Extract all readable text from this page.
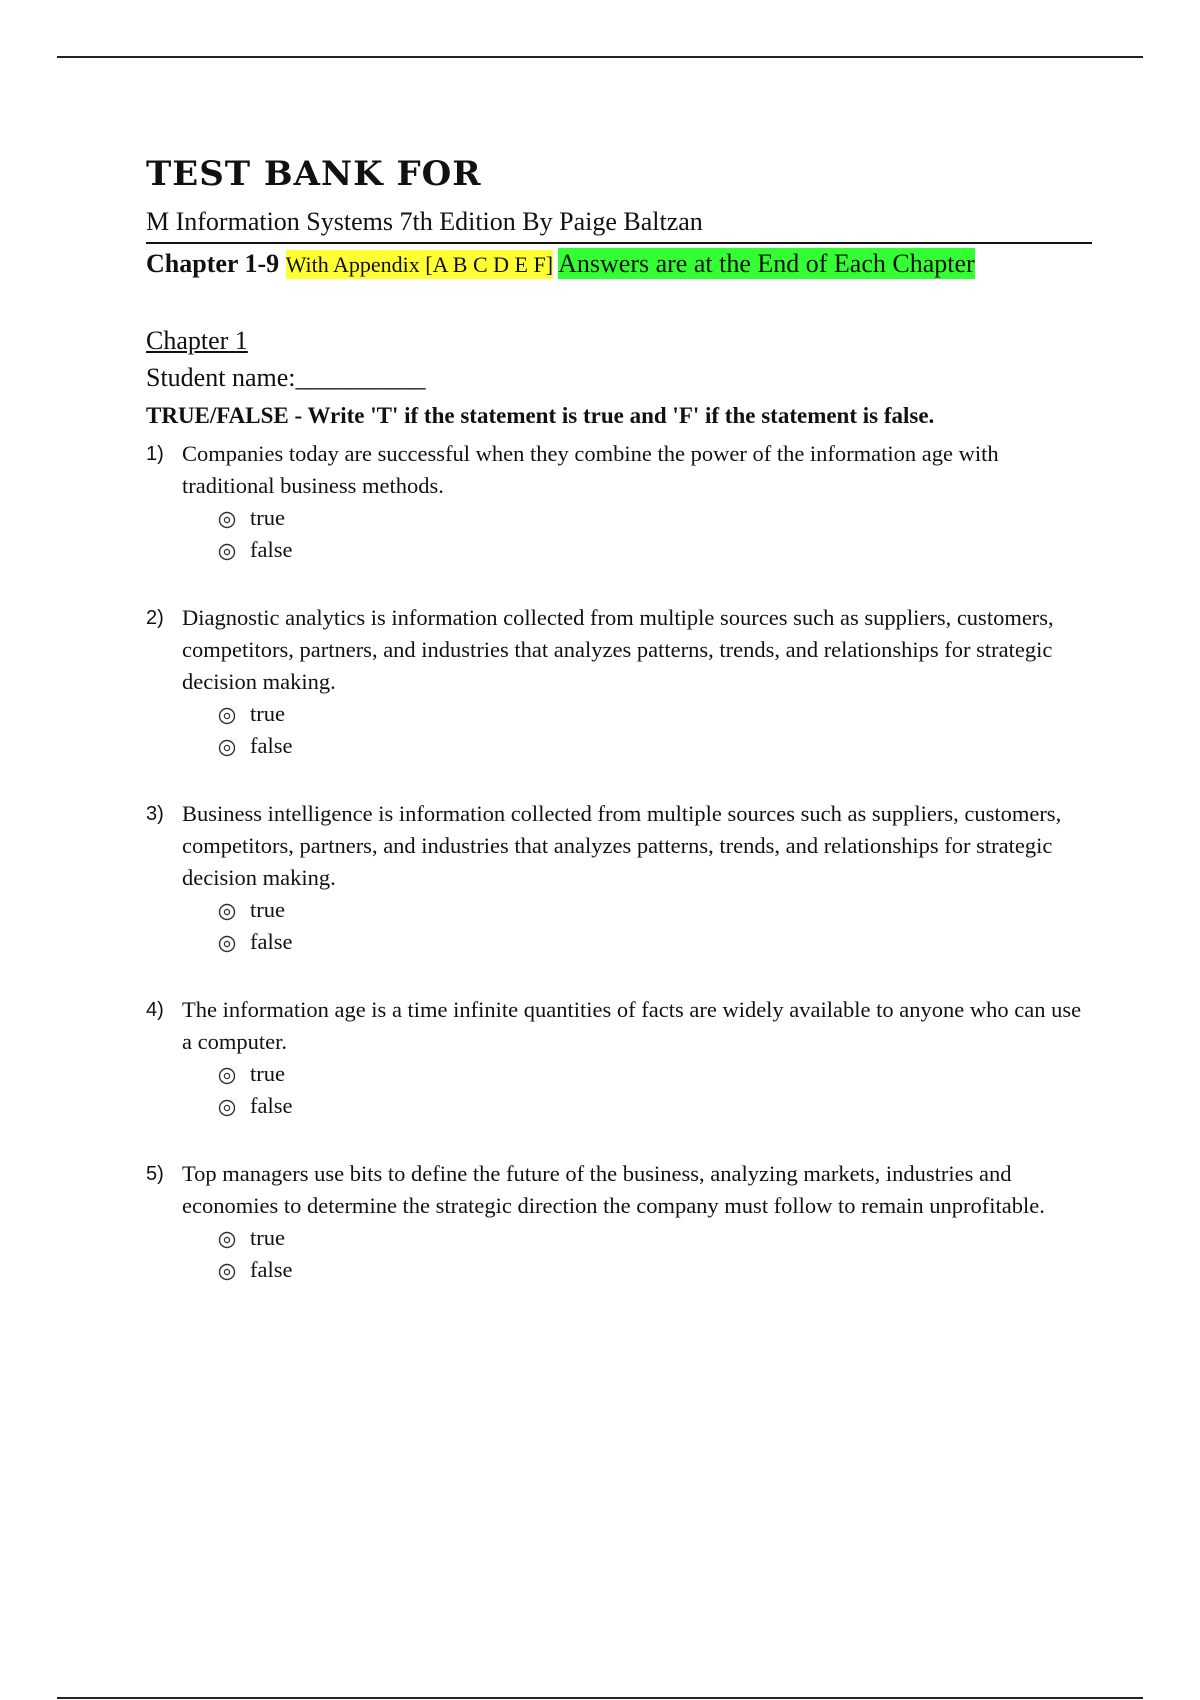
TEST BANK FOR
M Information Systems 7th Edition By Paige Baltzan
Chapter 1-9 With Appendix [A B C D E F] Answers are at the End of Each Chapter
Chapter 1
Student name:__________
TRUE/FALSE - Write 'T' if the statement is true and 'F' if the statement is false.
1) Companies today are successful when they combine the power of the information age with traditional business methods.
true
false
2) Diagnostic analytics is information collected from multiple sources such as suppliers, customers, competitors, partners, and industries that analyzes patterns, trends, and relationships for strategic decision making.
true
false
3) Business intelligence is information collected from multiple sources such as suppliers, customers, competitors, partners, and industries that analyzes patterns, trends, and relationships for strategic decision making.
true
false
4) The information age is a time infinite quantities of facts are widely available to anyone who can use a computer.
true
false
5) Top managers use bits to define the future of the business, analyzing markets, industries and economies to determine the strategic direction the company must follow to remain unprofitable.
true
false
